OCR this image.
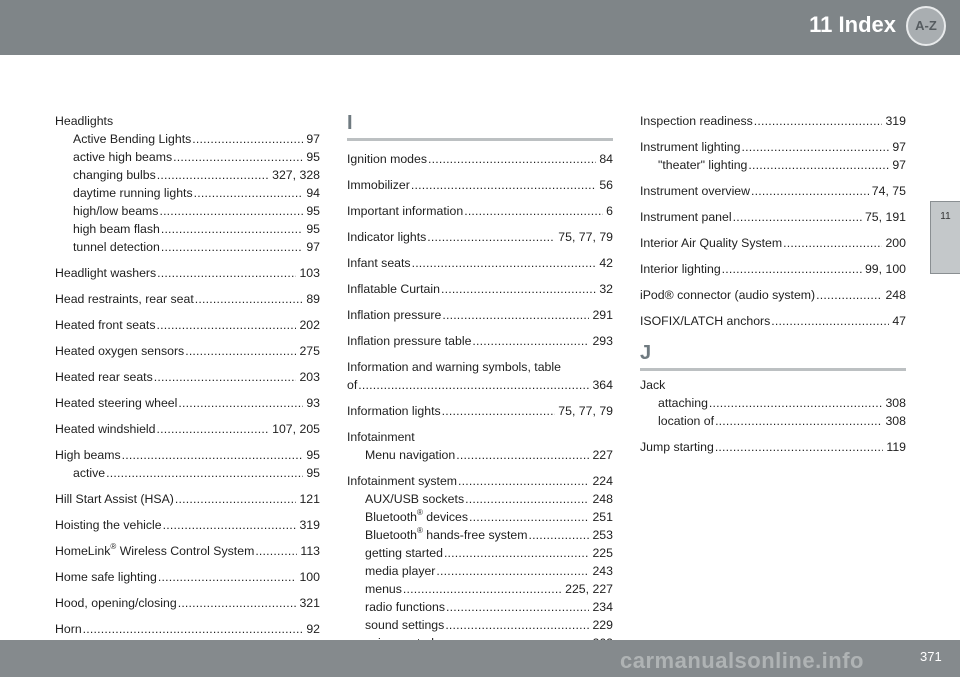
11 Index	A-Z
11
Headlights
Active Bending Lights .....	97
active high beams .....	95
changing bulbs .....	327, 328
daytime running lights .....	94
high/low beams .....	95
high beam flash .....	95
tunnel detection .....	97
Headlight washers .....	103
Head restraints, rear seat .....	89
Heated front seats .....	202
Heated oxygen sensors .....	275
Heated rear seats .....	203
Heated steering wheel .....	93
Heated windshield .....	107, 205
High beams .....	95
active .....	95
Hill Start Assist (HSA) .....	121
Hoisting the vehicle .....	319
HomeLink® Wireless Control System .....	113
Home safe lighting .....	100
Hood, opening/closing .....	321
Horn .....	92
I
Ignition modes .....	84
Immobilizer .....	56
Important information .....	6
Indicator lights .....	75, 77, 79
Infant seats .....	42
Inflatable Curtain .....	32
Inflation pressure .....	291
Inflation pressure table .....	293
Information and warning symbols, table
of .....	364
Information lights .....	75, 77, 79
Infotainment
Menu navigation .....	227
Infotainment system .....	224
AUX/USB sockets .....	248
Bluetooth® devices .....	251
Bluetooth® hands-free system .....	253
getting started .....	225
media player .....	243
menus .....	225, 227
radio functions .....	234
sound settings .....	229
.....
Inspection readiness .....	319
Instrument lighting .....	97
"theater" lighting .....	97
Instrument overview .....	74, 75
Instrument panel .....	75, 191
Interior Air Quality System .....	200
Interior lighting .....	99, 100
iPod® connector (audio system) .....	248
ISOFIX/LATCH anchors .....	47
J
Jack
attaching .....	308
location of .....	308
Jump starting .....	119
371
carmanualsonline.info
